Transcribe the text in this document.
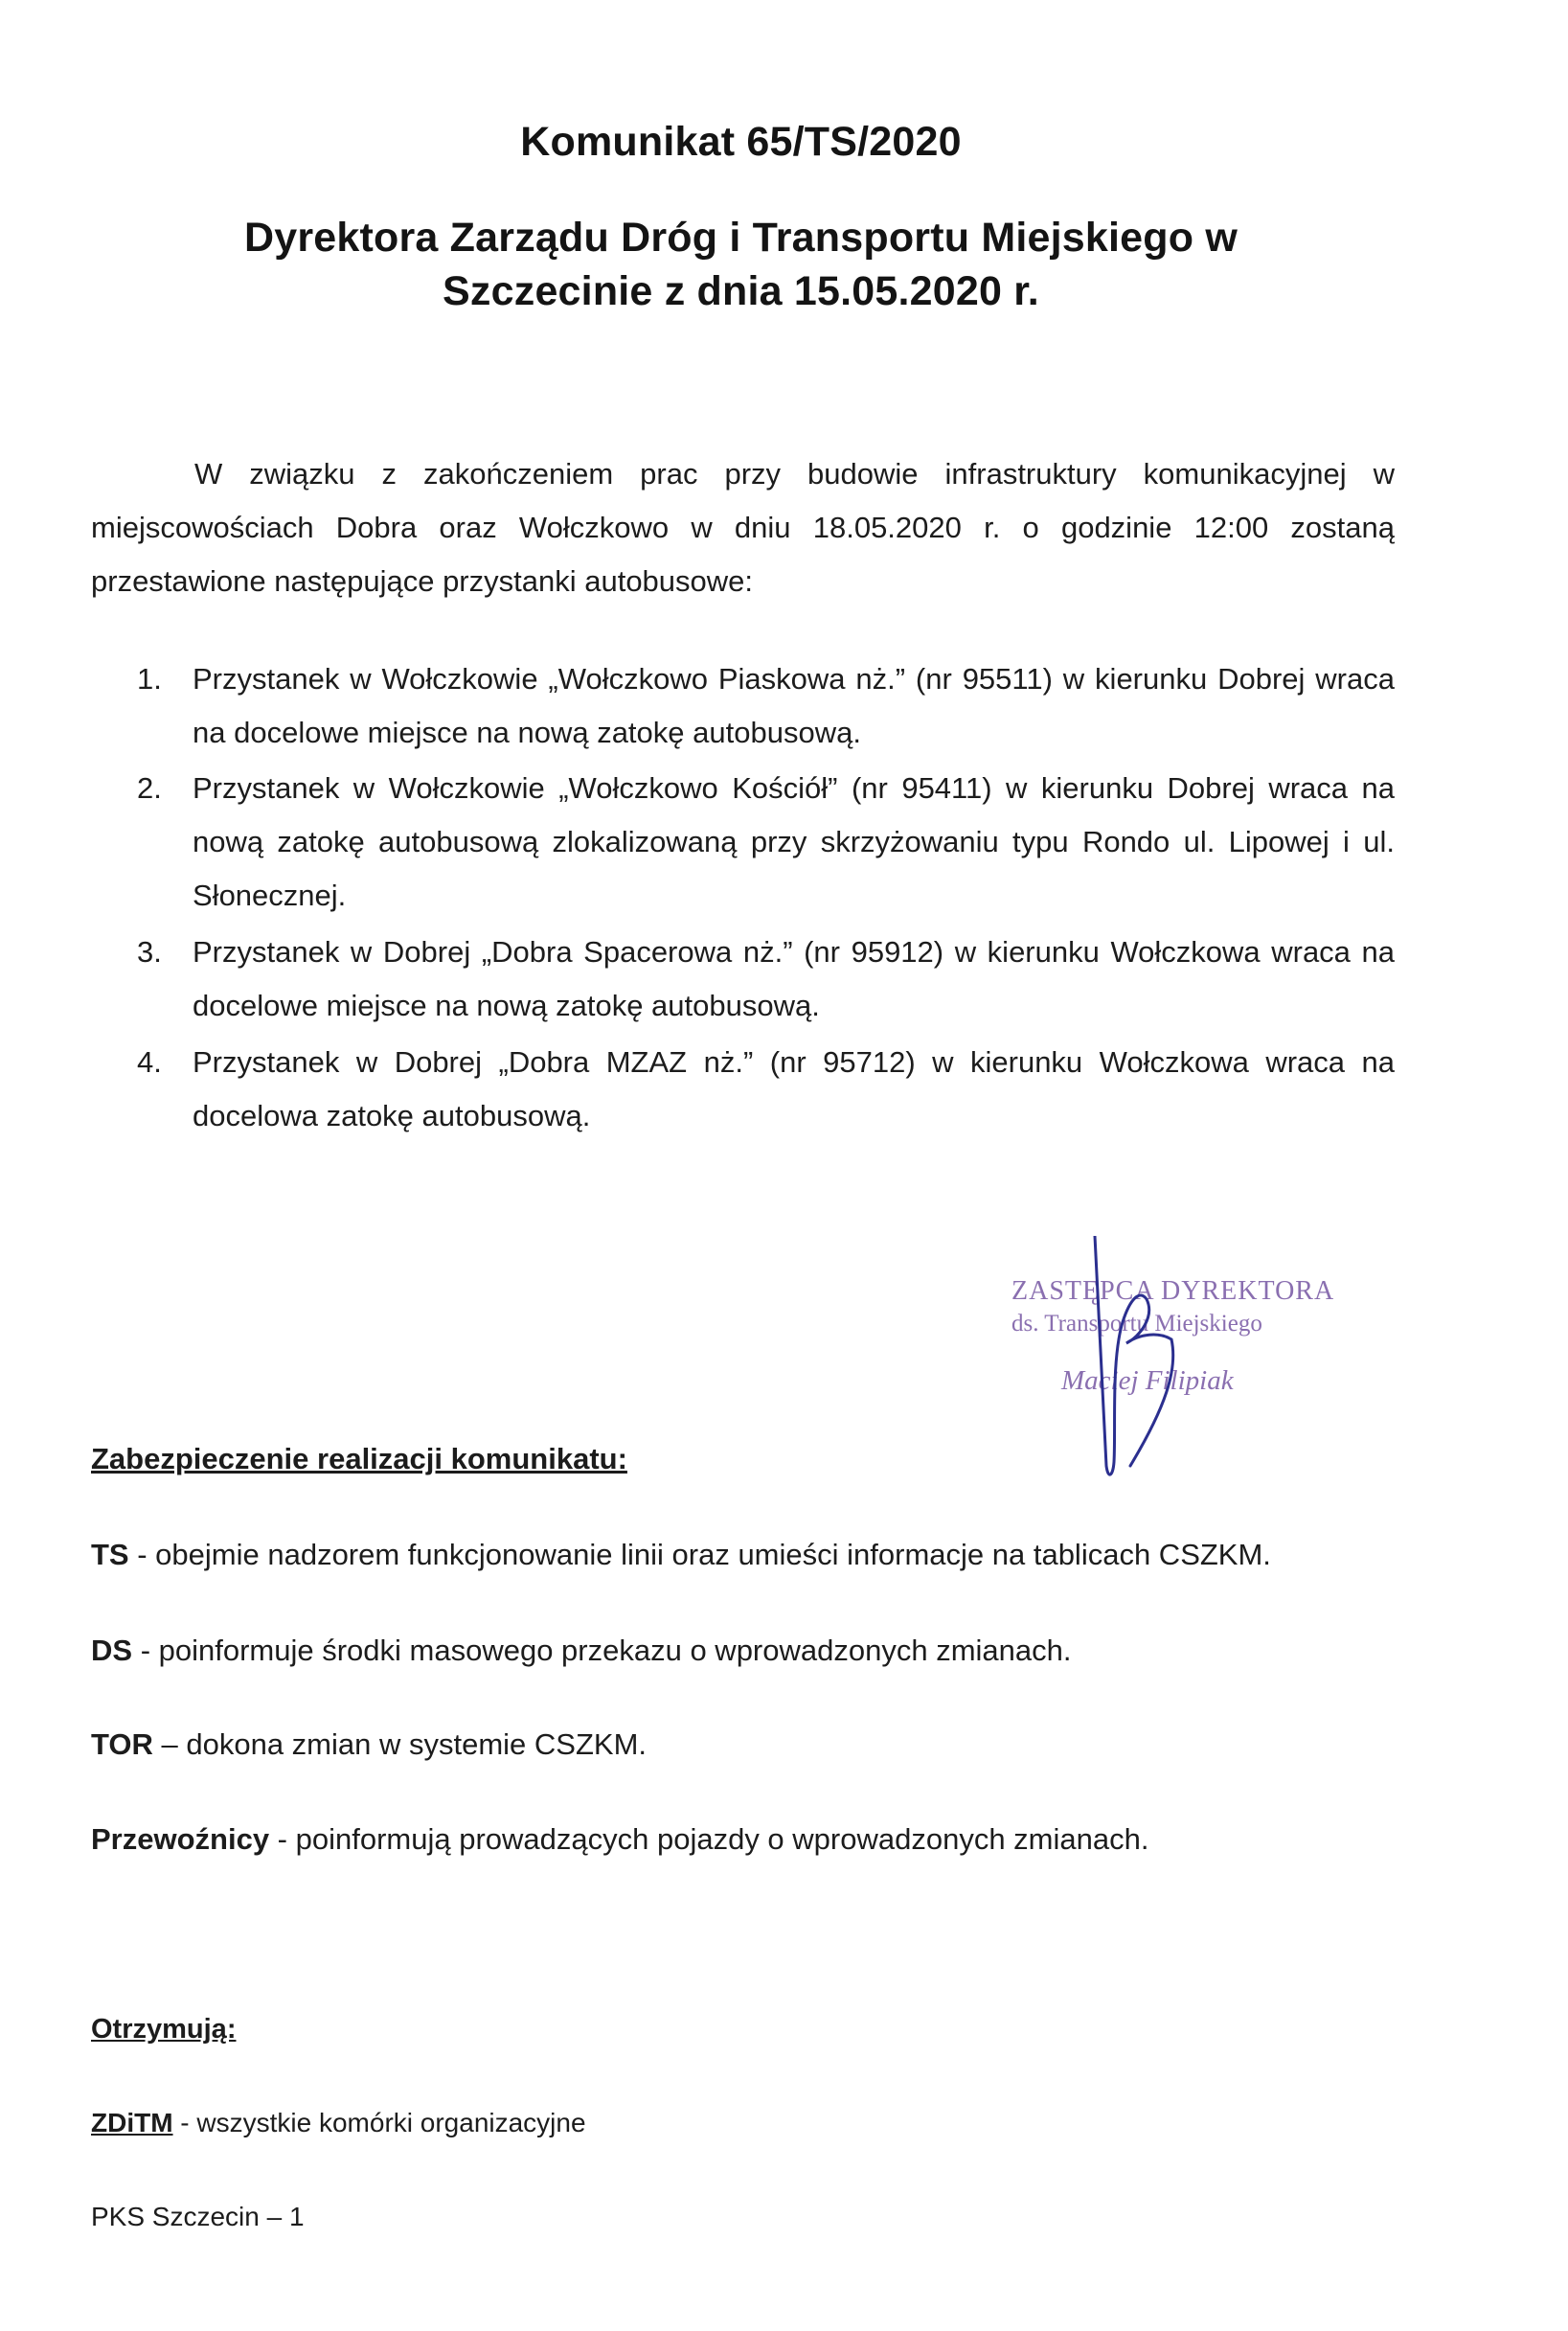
Komunikat 65/TS/2020
Dyrektora Zarządu Dróg i Transportu Miejskiego w
Szczecinie z dnia 15.05.2020 r.
W związku z zakończeniem prac przy budowie infrastruktury komunikacyjnej w miejscowościach Dobra oraz Wołczkowo w dniu 18.05.2020 r. o godzinie 12:00 zostaną przestawione następujące przystanki autobusowe:
1.	Przystanek w Wołczkowie „Wołczkowo Piaskowa nż.” (nr 95511) w kierunku Dobrej wraca na docelowe miejsce na nową zatokę autobusową.
2.	Przystanek w Wołczkowie „Wołczkowo Kościół” (nr 95411) w kierunku Dobrej wraca na nową zatokę autobusową zlokalizowaną przy skrzyżowaniu typu Rondo ul. Lipowej i ul. Słonecznej.
3.	Przystanek w Dobrej „Dobra Spacerowa nż.” (nr 95912) w kierunku Wołczkowa wraca na docelowe miejsce na nową zatokę autobusową.
4.	Przystanek w Dobrej „Dobra MZAZ nż.” (nr 95712) w kierunku Wołczkowa wraca na docelowa zatokę autobusową.
ZASTĘPCA DYREKTORA
ds. Transportu Miejskiego
Maciej Filipiak
Zabezpieczenie realizacji komunikatu:
TS - obejmie nadzorem funkcjonowanie linii oraz umieści informacje na tablicach CSZKM.
DS - poinformuje środki masowego przekazu o wprowadzonych zmianach.
TOR – dokona zmian w systemie CSZKM.
Przewoźnicy - poinformują prowadzących pojazdy o wprowadzonych zmianach.
Otrzymują:
ZDiTM - wszystkie komórki organizacyjne
PKS Szczecin – 1
